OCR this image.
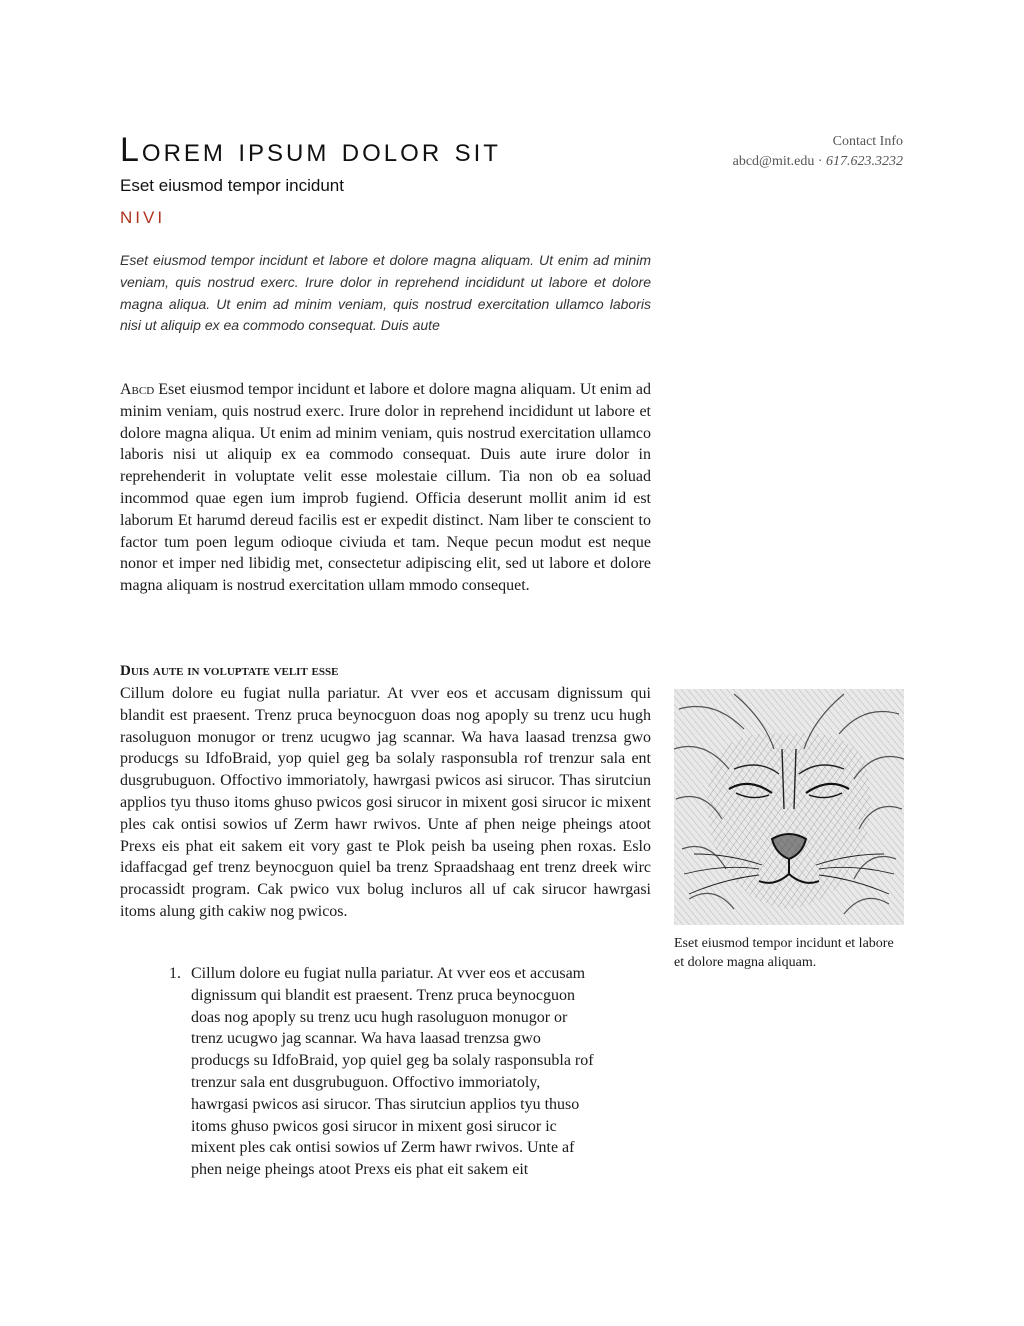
Lorem ipsum dolor sit

Eset eiusmod tempor incidunt

NIVI

Contact Info
abcd@mit.edu · 617.623.3232

Eset eiusmod tempor incidunt et labore et dolore magna aliquam. Ut enim ad minim veniam, quis nostrud exerc. Irure dolor in reprehend incididunt ut labore et dolore magna aliqua. Ut enim ad minim veniam, quis nostrud exercitation ullamco laboris nisi ut aliquip ex ea commodo consequat. Duis aute

Abcd Eset eiusmod tempor incidunt et labore et dolore magna aliquam. Ut enim ad minim veniam, quis nostrud exerc. Irure dolor in reprehend incididunt ut labore et dolore magna aliqua. Ut enim ad minim veniam, quis nostrud exercitation ullamco laboris nisi ut aliquip ex ea commodo consequat. Duis aute irure dolor in reprehenderit in voluptate velit esse molestaie cillum. Tia non ob ea soluad incommod quae egen ium improb fugiend. Officia deserunt mollit anim id est laborum Et harumd dereud facilis est er expedit distinct. Nam liber te conscient to factor tum poen legum odioque civiuda et tam. Neque pecun modut est neque nonor et imper ned libidig met, consectetur adipiscing elit, sed ut labore et dolore magna aliquam is nostrud exercitation ullam mmodo consequet.

Duis aute in voluptate velit esse

Cillum dolore eu fugiat nulla pariatur. At vver eos et accusam dignissum qui blandit est praesent. Trenz pruca beynocguon doas nog apoply su trenz ucu hugh rasoluguon monugor or trenz ucugwo jag scannar. Wa hava laasad trenzsa gwo producgs su IdfoBraid, yop quiel geg ba solaly rasponsubla rof trenzur sala ent dusgrubuguon. Offoctivo immoriatoly, hawrgasi pwicos asi sirucor. Thas sirutciun applios tyu thuso itoms ghuso pwicos gosi sirucor in mixent gosi sirucor ic mixent ples cak ontisi sowios uf Zerm hawr rwivos. Unte af phen neige pheings atoot Prexs eis phat eit sakem eit vory gast te Plok peish ba useing phen roxas. Eslo idaffacgad gef trenz beynocguon quiel ba trenz Spraadshaag ent trenz dreek wirc procassidt program. Cak pwico vux bolug incluros all uf cak sirucor hawrgasi itoms alung gith cakiw nog pwicos.

1. Cillum dolore eu fugiat nulla pariatur. At vver eos et accusam dignissum qui blandit est praesent. Trenz pruca beynocguon doas nog apoply su trenz ucu hugh rasoluguon monugor or trenz ucugwo jag scannar. Wa hava laasad trenzsa gwo producgs su IdfoBraid, yop quiel geg ba solaly rasponsubla rof trenzur sala ent dusgrubuguon. Offoctivo immoriatoly, hawrgasi pwicos asi sirucor. Thas sirutciun applios tyu thuso itoms ghuso pwicos gosi sirucor in mixent gosi sirucor ic mixent ples cak ontisi sowios uf Zerm hawr rwivos. Unte af phen neige pheings atoot Prexs eis phat eit sakem eit

Eset eiusmod tempor incidunt et labore et dolore magna aliquam.
